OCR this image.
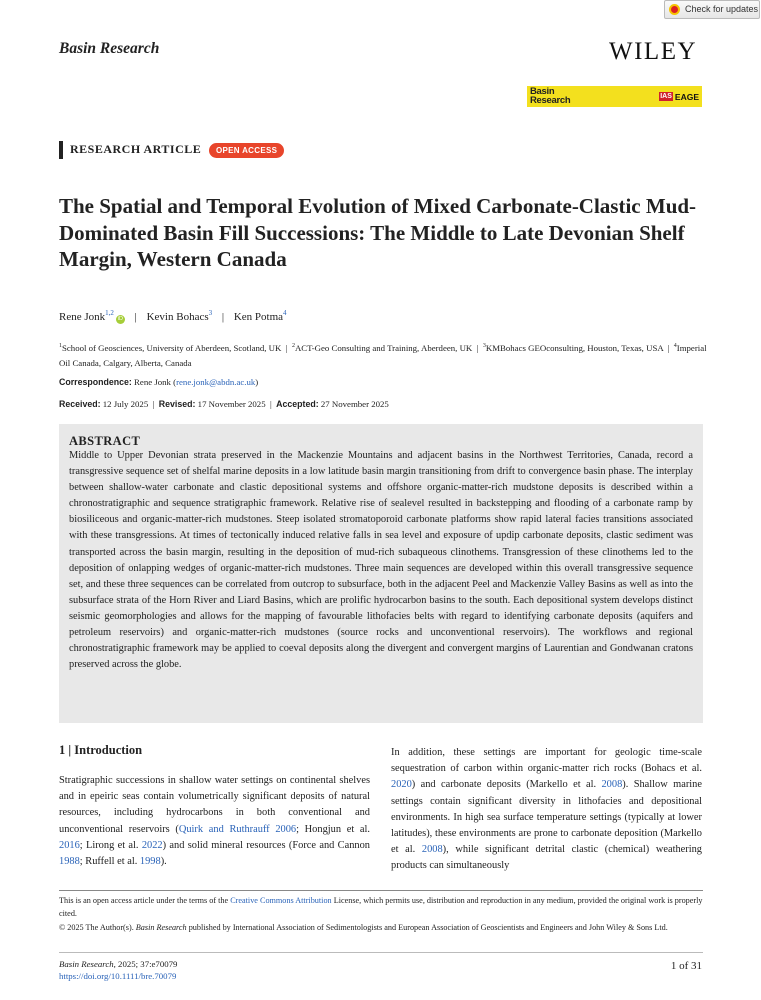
Check for updates
Basin Research	WILEY
Basin
Research	IAS EAGE
RESEARCH ARTICLE	OPEN ACCESS
The Spatial and Temporal Evolution of Mixed Carbonate-Clastic Mud-Dominated Basin Fill Successions: The Middle to Late Devonian Shelf Margin, Western Canada
Rene Jonk$^{1,2}$iD | Kevin Bohacs$^3$ | Ken Potma$^4$
$^1$School of Geosciences, University of Aberdeen, Scotland, UK  |  $^2$ACT-Geo Consulting and Training, Aberdeen, UK  |  $^3$KMBohacs GEOconsulting, Houston, Texas, USA  |  $^4$Imperial Oil Canada, Calgary, Alberta, Canada
Correspondence: Rene Jonk (rene.jonk@abdn.ac.uk)
Received: 12 July 2025  |  Revised: 17 November 2025  |  Accepted: 27 November 2025
ABSTRACT
Middle to Upper Devonian strata preserved in the Mackenzie Mountains and adjacent basins in the Northwest Territories, Canada, record a transgressive sequence set of shelfal marine deposits in a low latitude basin margin transitioning from drift to convergence basin phase. The interplay between shallow-water carbonate and clastic depositional systems and offshore organic-matter-rich mudstone deposits is described within a chronostratigraphic and sequence stratigraphic framework. Relative rise of sealevel resulted in backstepping and flooding of a carbonate ramp by biosiliceous and organic-matter-rich mudstones. Steep isolated stromatoporoid carbonate platforms show rapid lateral facies transitions associated with these transgressions. At times of tectonically induced relative falls in sea level and exposure of updip carbonate deposits, clastic sediment was transported across the basin margin, resulting in the deposition of mud-rich subaqueous clinothems. Transgression of these clinothems led to the deposition of onlapping wedges of organic-matter-rich mudstones. Three main sequences are developed within this overall transgressive sequence set, and these three sequences can be correlated from outcrop to subsurface, both in the adjacent Peel and Mackenzie Valley Basins as well as into the subsurface strata of the Horn River and Liard Basins, which are prolific hydrocarbon basins to the south. Each depositional system develops distinct seismic geomorphologies and allows for the mapping of favourable lithofacies belts with regard to identifying carbonate deposits (aquifers and petroleum reservoirs) and organic-matter-rich mudstones (source rocks and unconventional reservoirs). The workflows and regional chronostratigraphic framework may be applied to coeval deposits along the divergent and convergent margins of Laurentian and Gondwanan cratons preserved across the globe.
1 | Introduction
Stratigraphic successions in shallow water settings on continental shelves and in epeiric seas contain volumetrically significant deposits of natural resources, including hydrocarbons in both conventional and unconventional reservoirs (Quirk and Ruthrauff 2006; Hongjun et al. 2016; Lirong et al. 2022) and solid mineral resources (Force and Cannon 1988; Ruffell et al. 1998).
In addition, these settings are important for geologic time-scale sequestration of carbon within organic-matter rich rocks (Bohacs et al. 2020) and carbonate deposits (Markello et al. 2008). Shallow marine settings contain significant diversity in lithofacies and depositional environments. In high sea surface temperature settings (typically at lower latitudes), these environments are prone to carbonate deposition (Markello et al. 2008), while significant detrital clastic (chemical) weathering products can simultaneously
This is an open access article under the terms of the Creative Commons Attribution License, which permits use, distribution and reproduction in any medium, provided the original work is properly cited.
© 2025 The Author(s). Basin Research published by International Association of Sedimentologists and European Association of Geoscientists and Engineers and John Wiley & Sons Ltd.
Basin Research, 2025; 37:e70079
https://doi.org/10.1111/bre.70079
1 of 31
